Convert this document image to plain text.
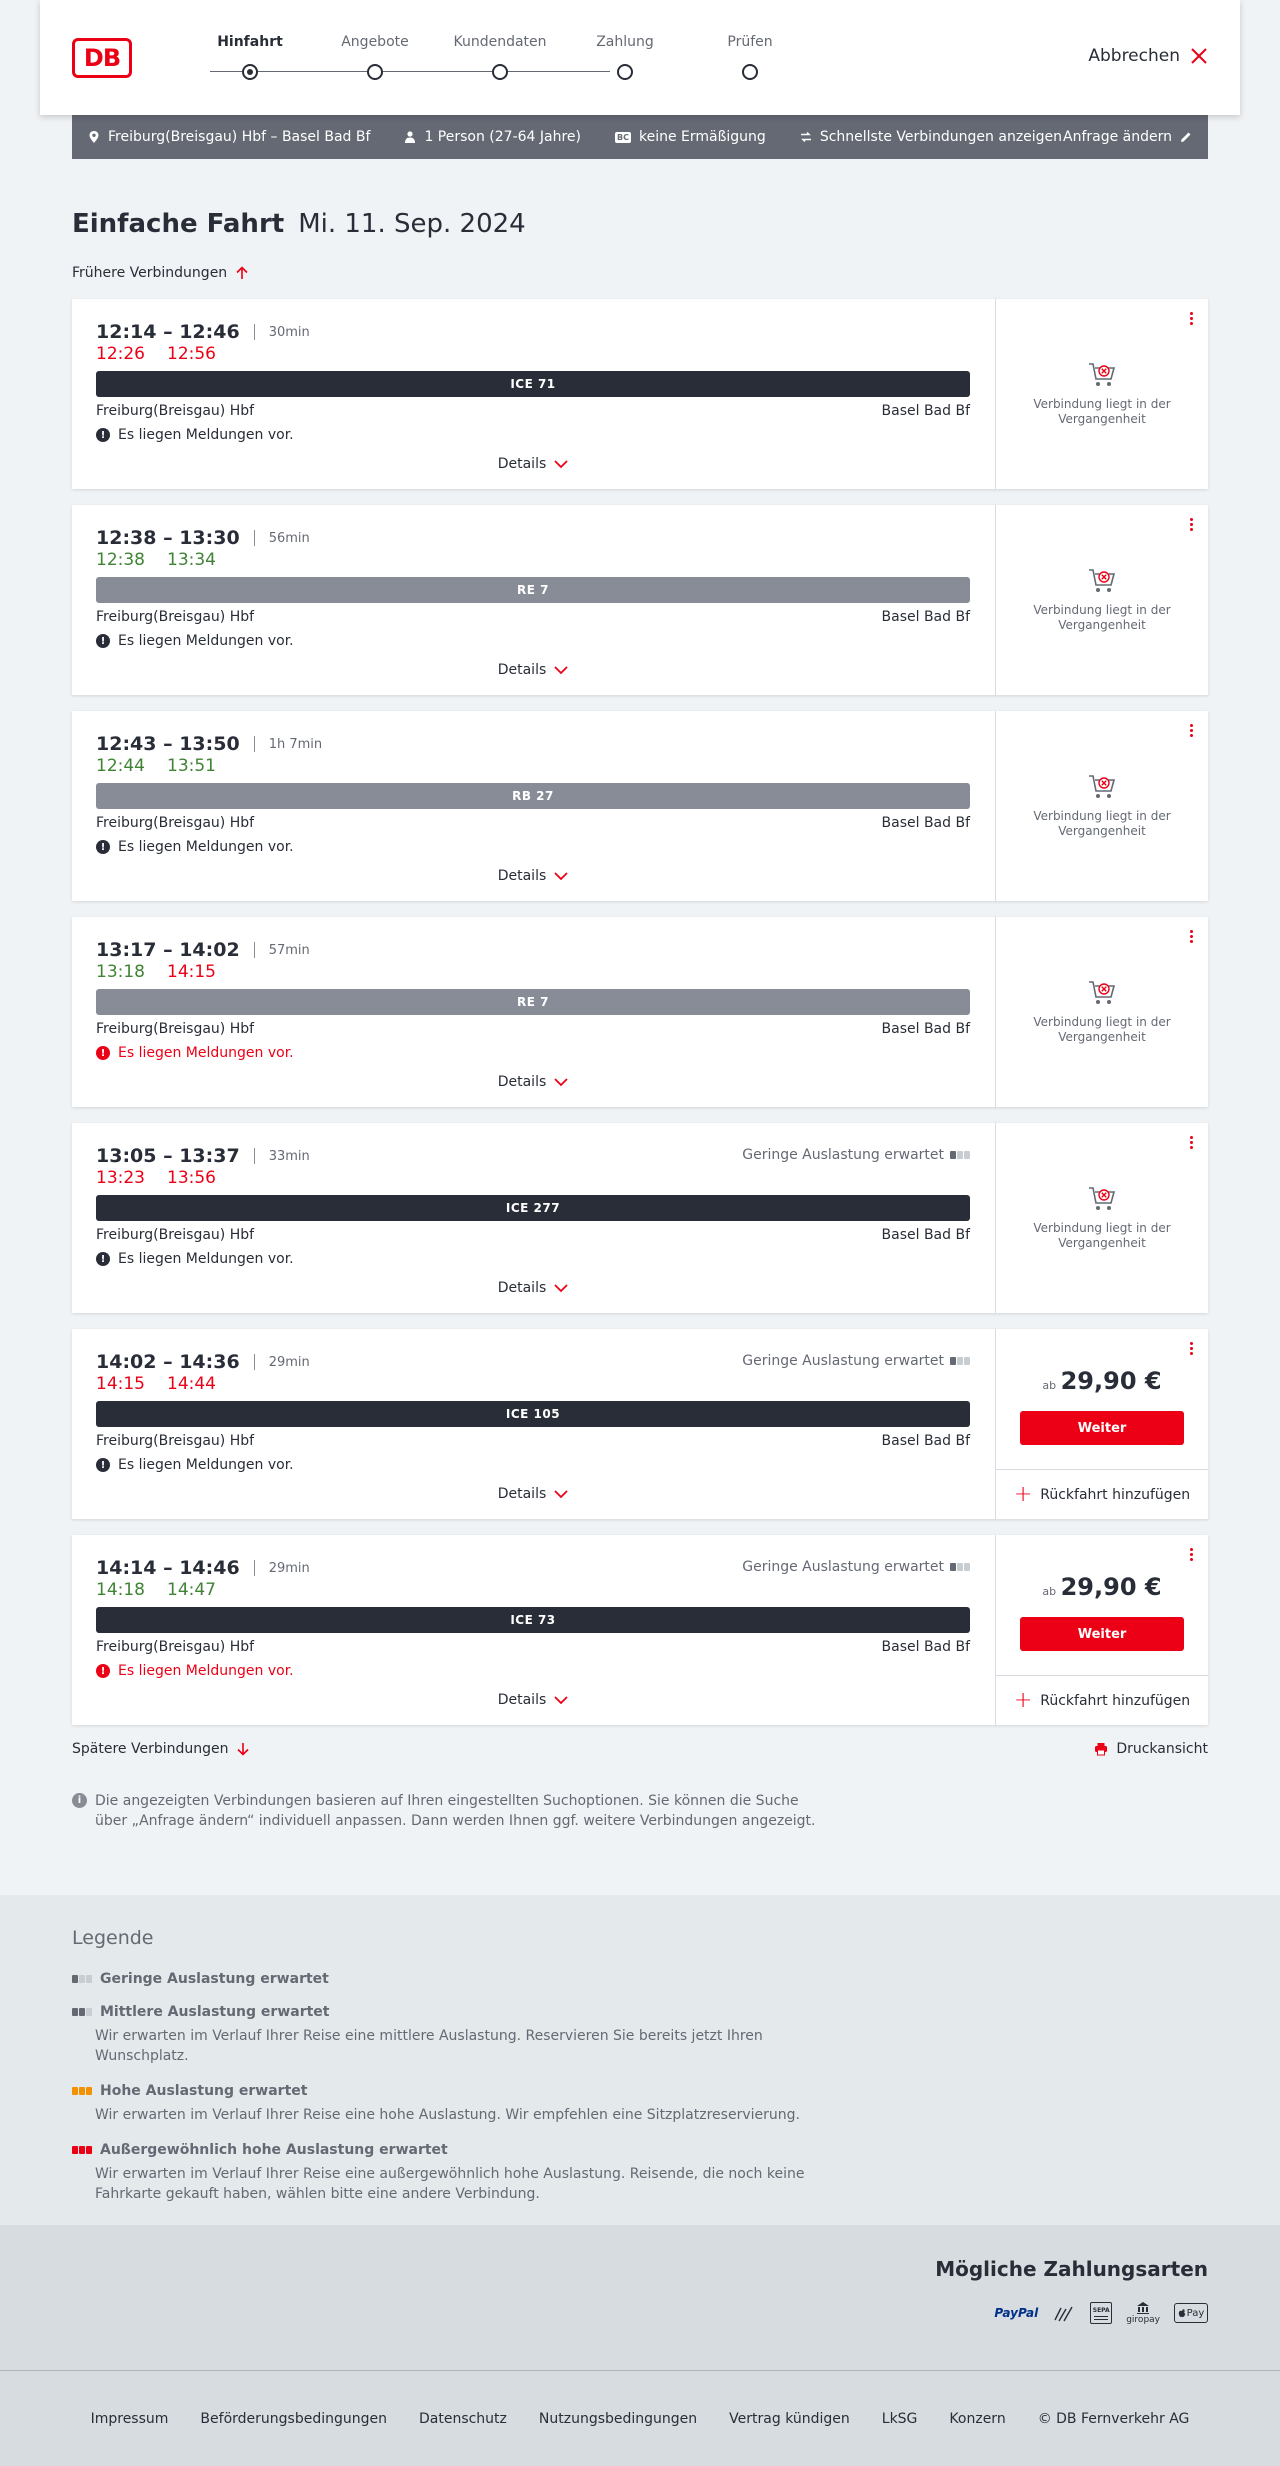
DB
Hinfahrt	Angebote	Kundendaten	Zahlung	Prüfen
Abbrechen
Freiburg(Breisgau) Hbf – Basel Bad Bf	1 Person (27-64 Jahre)	BC keine Ermäßigung	Schnellste Verbindungen anzeigen Anfrage ändern
Einfache Fahrt Mi. 11. Sep. 2024
Frühere Verbindungen
12:14 – 12:46 30min
12:26 12:56
ICE 71
Freiburg(Breisgau) Hbf	Basel Bad Bf
! Es liegen Meldungen vor.
Details
Verbindung liegt in der Vergangenheit
12:38 – 13:30 56min
12:38 13:34
RE 7
Freiburg(Breisgau) Hbf	Basel Bad Bf
! Es liegen Meldungen vor.
Details
Verbindung liegt in der Vergangenheit
12:43 – 13:50 1h 7min
12:44 13:51
RB 27
Freiburg(Breisgau) Hbf	Basel Bad Bf
! Es liegen Meldungen vor.
Details
Verbindung liegt in der Vergangenheit
13:17 – 14:02 57min
13:18 14:15
RE 7
Freiburg(Breisgau) Hbf	Basel Bad Bf
! Es liegen Meldungen vor.
Details
Verbindung liegt in der Vergangenheit
13:05 – 13:37 33min
13:23 13:56
Geringe Auslastung erwartet
ICE 277
Freiburg(Breisgau) Hbf	Basel Bad Bf
! Es liegen Meldungen vor.
Details
Verbindung liegt in der Vergangenheit
14:02 – 14:36 29min
14:15 14:44
Geringe Auslastung erwartet
ICE 105
Freiburg(Breisgau) Hbf	Basel Bad Bf
! Es liegen Meldungen vor.
Details
ab 29,90 €
Weiter
+ Rückfahrt hinzufügen
14:14 – 14:46 29min
14:18 14:47
Geringe Auslastung erwartet
ICE 73
Freiburg(Breisgau) Hbf	Basel Bad Bf
! Es liegen Meldungen vor.
Details
ab 29,90 €
Weiter
+ Rückfahrt hinzufügen
Spätere Verbindungen	Druckansicht
i Die angezeigten Verbindungen basieren auf Ihren eingestellten Suchoptionen. Sie können die Suche über „Anfrage ändern“ individuell anpassen. Dann werden Ihnen ggf. weitere Verbindungen angezeigt.
Legende
Geringe Auslastung erwartet
Mittlere Auslastung erwartet
Wir erwarten im Verlauf Ihrer Reise eine mittlere Auslastung. Reservieren Sie bereits jetzt Ihren Wunschplatz.
Hohe Auslastung erwartet
Wir erwarten im Verlauf Ihrer Reise eine hohe Auslastung. Wir empfehlen eine Sitzplatzreservierung.
Außergewöhnlich hohe Auslastung erwartet
Wir erwarten im Verlauf Ihrer Reise eine außergewöhnlich hohe Auslastung. Reisende, die noch keine Fahrkarte gekauft haben, wählen bitte eine andere Verbindung.
Mögliche Zahlungsarten
PayPal	SEPA
giropay
Pay
Impressum Beförderungsbedingungen Datenschutz Nutzungsbedingungen Vertrag kündigen LkSG Konzern © DB Fernverkehr AG
